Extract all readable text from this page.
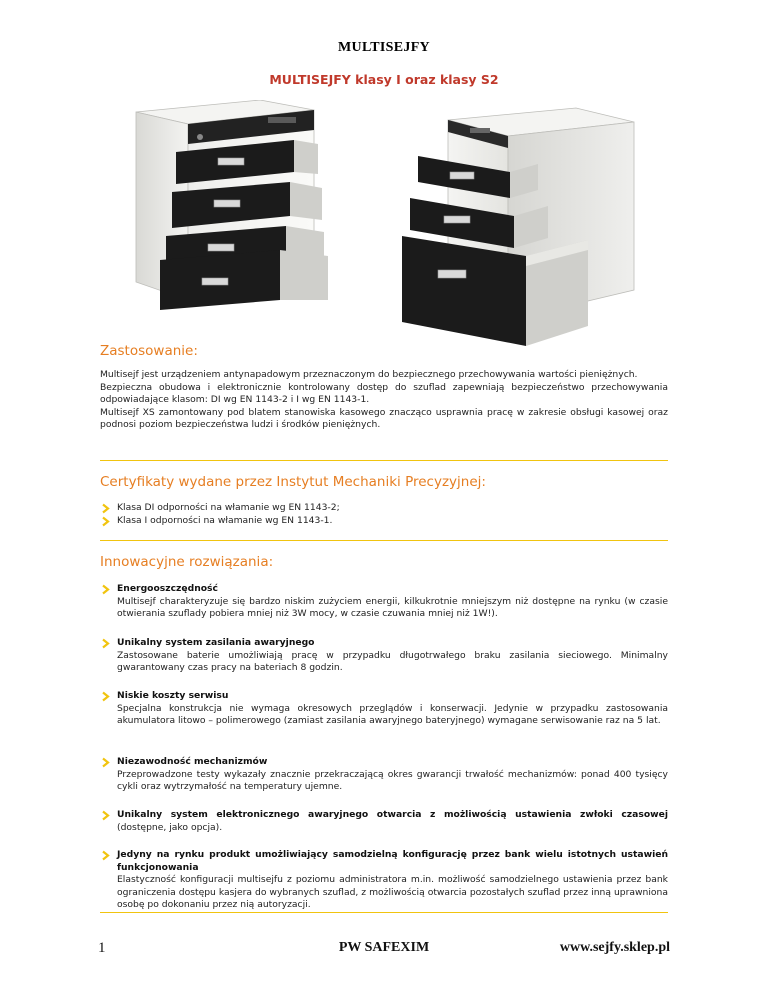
MULTISEJFY
MULTISEJFY klasy I oraz klasy S2
Zastosowanie:

Multisejf jest urządzeniem antynapadowym przeznaczonym do bezpiecznego przechowywania wartości pieniężnych.

Bezpieczna obudowa i elektronicznie kontrolowany dostęp do szuflad zapewniają bezpieczeństwo przechowywania odpowiadające klasom: DI wg EN 1143-2 i I wg EN 1143-1.

Multisejf XS zamontowany pod blatem stanowiska kasowego znacząco usprawnia pracę w zakresie obsługi kasowej oraz podnosi poziom bezpieczeństwa ludzi i środków pieniężnych.

Certyfikaty wydane przez Instytut Mechaniki Precyzyjnej:
Klasa DI odporności na włamanie wg EN 1143-2;
Klasa I odporności na włamanie wg EN 1143-1.
Innowacyjne rozwiązania:
Energooszczędność
Multisejf charakteryzuje się bardzo niskim zużyciem energii, kilkukrotnie mniejszym niż dostępne na rynku (w czasie otwierania szuflady pobiera mniej niż 3W mocy, w czasie czuwania mniej niż 1W!).
Unikalny system zasilania awaryjnego
Zastosowane baterie umożliwiają pracę w przypadku długotrwałego braku zasilania sieciowego. Minimalny gwarantowany czas pracy na bateriach 8 godzin.
Niskie koszty serwisu
Specjalna konstrukcja nie wymaga okresowych przeglądów i konserwacji. Jedynie w przypadku zastosowania akumulatora litowo – polimerowego (zamiast zasilania awaryjnego bateryjnego) wymagane serwisowanie raz na 5 lat.
Niezawodność mechanizmów
Przeprowadzone testy wykazały znacznie przekraczającą okres gwarancji trwałość mechanizmów: ponad 400 tysięcy cykli oraz wytrzymałość na temperatury ujemne.
Unikalny system elektronicznego awaryjnego otwarcia z możliwością ustawienia zwłoki czasowej (dostępne, jako opcja).
Jedyny na rynku produkt umożliwiający samodzielną konfigurację przez bank wielu istotnych ustawień funkcjonowania
Elastyczność konfiguracji multisejfu z poziomu administratora m.in. możliwość samodzielnego ustawienia przez bank ograniczenia dostępu kasjera do wybranych szuflad, z możliwością otwarcia pozostałych szuflad przez inną uprawniona osobę po dokonaniu przez nią autoryzacji.
1	PW SAFEXIM	www.sejfy.sklep.pl
